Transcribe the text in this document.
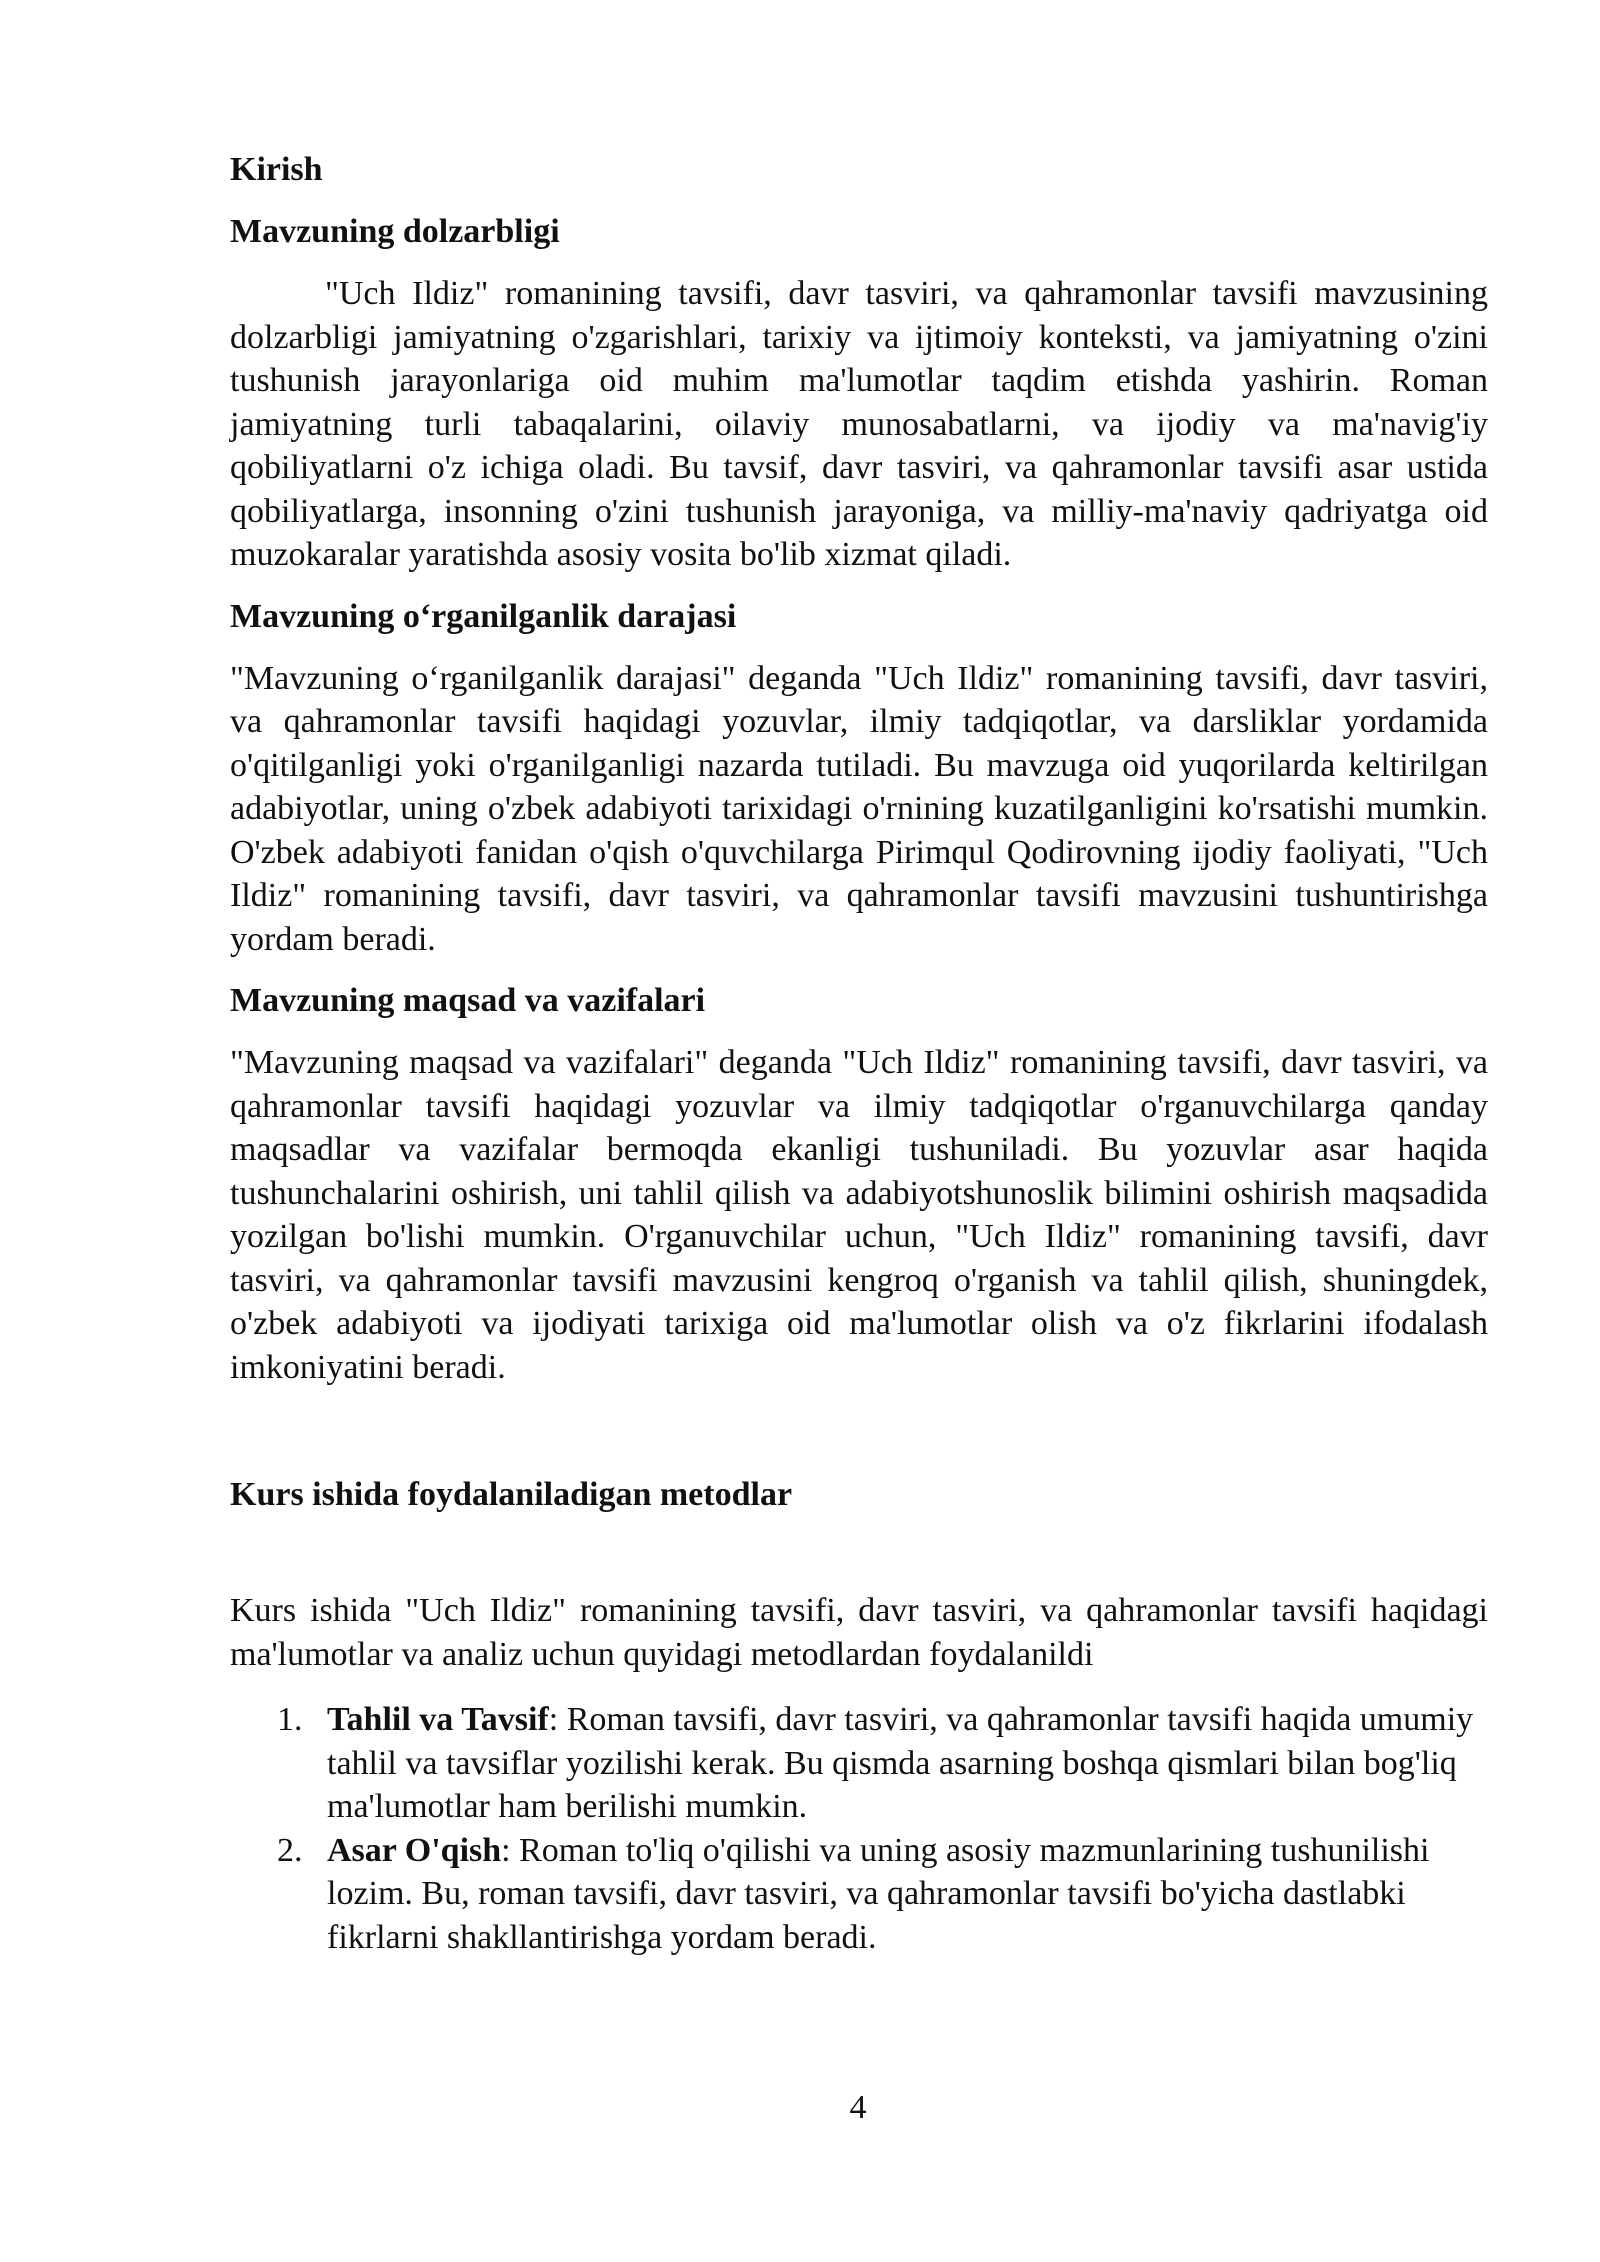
Kirish
Mavzuning dolzarbligi

"Uch Ildiz" romanining tavsifi, davr tasviri, va qahramonlar tavsifi mavzusining dolzarbligi jamiyatning o'zgarishlari, tarixiy va ijtimoiy konteksti, va jamiyatning o'zini tushunish jarayonlariga oid muhim ma'lumotlar taqdim etishda yashirin. Roman jamiyatning turli tabaqalarini, oilaviy munosabatlarni, va ijodiy va ma'navig'iy qobiliyatlarni o'z ichiga oladi. Bu tavsif, davr tasviri, va qahramonlar tavsifi asar ustida qobiliyatlarga, insonning o'zini tushunish jarayoniga, va milliy-ma'naviy qadriyatga oid muzokaralar yaratishda asosiy vosita bo'lib xizmat qiladi.

Mavzuning oʻrganilganlik darajasi

"Mavzuning oʻrganilganlik darajasi" deganda "Uch Ildiz" romanining tavsifi, davr tasviri, va qahramonlar tavsifi haqidagi yozuvlar, ilmiy tadqiqotlar, va darsliklar yordamida o'qitilganligi yoki o'rganilganligi nazarda tutiladi. Bu mavzuga oid yuqorilarda keltirilgan adabiyotlar, uning o'zbek adabiyoti tarixidagi o'rnining kuzatilganligini ko'rsatishi mumkin. O'zbek adabiyoti fanidan o'qish o'quvchilarga Pirimqul Qodirovning ijodiy faoliyati, "Uch Ildiz" romanining tavsifi, davr tasviri, va qahramonlar tavsifi mavzusini tushuntirishga yordam beradi.

Mavzuning maqsad va vazifalari

"Mavzuning maqsad va vazifalari" deganda "Uch Ildiz" romanining tavsifi, davr tasviri, va qahramonlar tavsifi haqidagi yozuvlar va ilmiy tadqiqotlar o'rganuvchilarga qanday maqsadlar va vazifalar bermoqda ekanligi tushuniladi. Bu yozuvlar asar haqida tushunchalarini oshirish, uni tahlil qilish va adabiyotshunoslik bilimini oshirish maqsadida yozilgan bo'lishi mumkin. O'rganuvchilar uchun, "Uch Ildiz" romanining tavsifi, davr tasviri, va qahramonlar tavsifi mavzusini kengroq o'rganish va tahlil qilish, shuningdek, o'zbek adabiyoti va ijodiyati tarixiga oid ma'lumotlar olish va o'z fikrlarini ifodalash imkoniyatini beradi.

Kurs ishida foydalaniladigan metodlar

Kurs ishida "Uch Ildiz" romanining tavsifi, davr tasviri, va qahramonlar tavsifi haqidagi ma'lumotlar va analiz uchun quyidagi metodlardan foydalanildi

1. Tahlil va Tavsif: Roman tavsifi, davr tasviri, va qahramonlar tavsifi haqida umumiy tahlil va tavsiflar yozilishi kerak. Bu qismda asarning boshqa qismlari bilan bog'liq ma'lumotlar ham berilishi mumkin.
2. Asar O'qish: Roman to'liq o'qilishi va uning asosiy mazmunlarining tushunilishi lozim. Bu, roman tavsifi, davr tasviri, va qahramonlar tavsifi bo'yicha dastlabki fikrlarni shakllantirishga yordam beradi.
4
